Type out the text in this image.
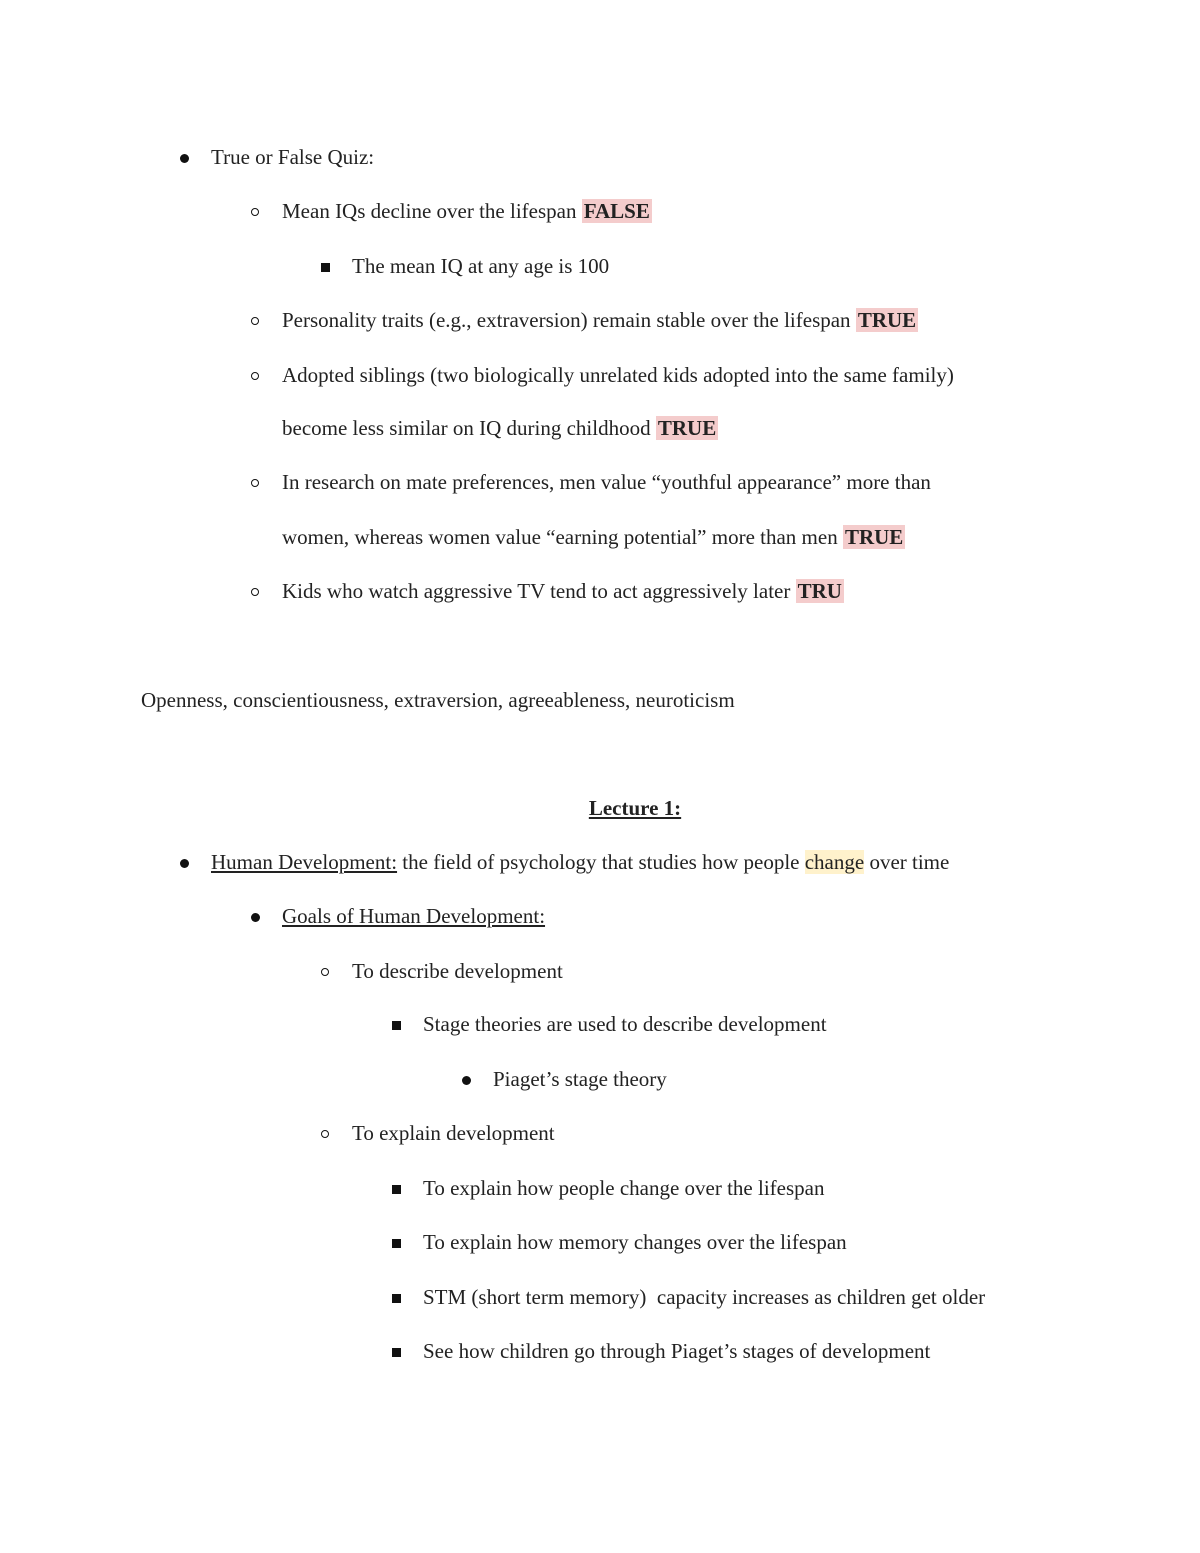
True or False Quiz:
Mean IQs decline over the lifespan FALSE
The mean IQ at any age is 100
Personality traits (e.g., extraversion) remain stable over the lifespan TRUE
Adopted siblings (two biologically unrelated kids adopted into the same family)
become less similar on IQ during childhood TRUE
In research on mate preferences, men value “youthful appearance” more than
women, whereas women value “earning potential” more than men TRUE
Kids who watch aggressive TV tend to act aggressively later TRU
Openness, conscientiousness, extraversion, agreeableness, neuroticism
Lecture 1:
Human Development: the field of psychology that studies how people change over time
Goals of Human Development:
To describe development
Stage theories are used to describe development
Piaget’s stage theory
To explain development
To explain how people change over the lifespan
To explain how memory changes over the lifespan
STM (short term memory)  capacity increases as children get older
See how children go through Piaget’s stages of development
